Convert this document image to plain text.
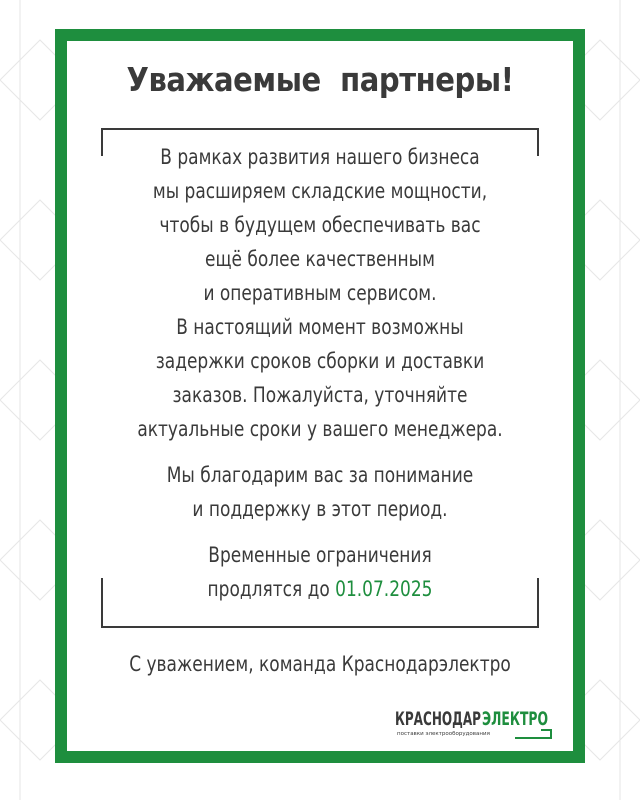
Уважаемые  партнеры!
В рамках развития нашего бизнеса
мы расширяем складские мощности,
чтобы в будущем обеспечивать вас
ещё более качественным
и оперативным сервисом.
В настоящий момент возможны
задержки сроков сборки и доставки
заказов. Пожалуйста, уточняйте
актуальные сроки у вашего менеджера.
Мы благодарим вас за понимание
и поддержку в этот период.
Временные ограничения
продлятся до 01.07.2025
С уважением, команда Краснодарэлектро
КРАСНОДАР ЭЛЕКТРО
поставки электрооборудования
